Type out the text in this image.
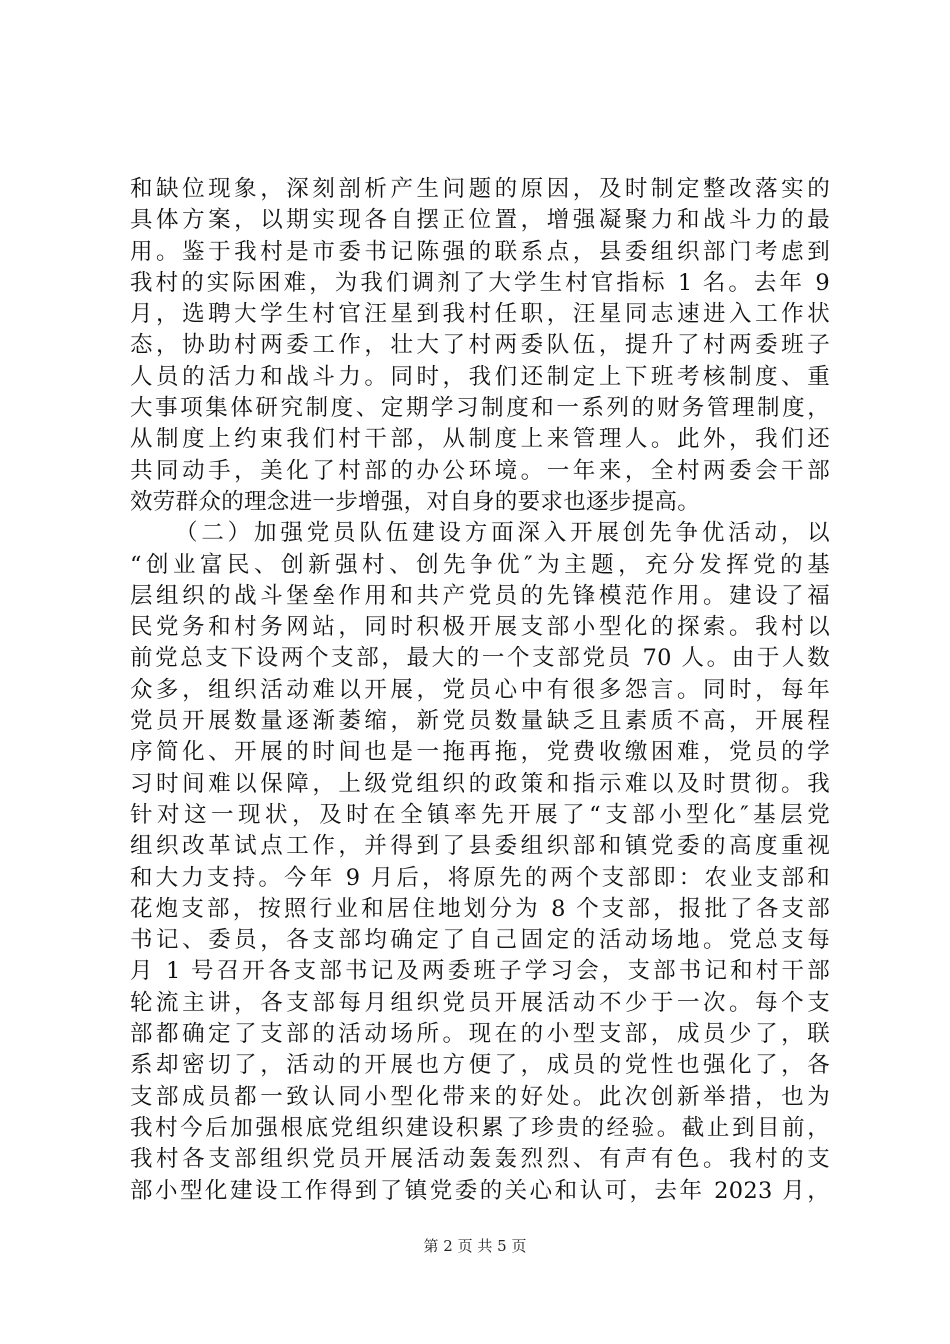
和缺位现象，深刻剖析产生问题的原因，及时制定整改落实的
具体方案，以期实现各自摆正位置，增强凝聚力和战斗力的最
用。鉴于我村是市委书记陈强的联系点，县委组织部门考虑到
我村的实际困难，为我们调剂了大学生村官指标 1 名。去年 9
月，选聘大学生村官汪星到我村任职，汪星同志速进入工作状
态，协助村两委工作，壮大了村两委队伍，提升了村两委班子
人员的活力和战斗力。同时，我们还制定上下班考核制度、重
大事项集体研究制度、定期学习制度和一系列的财务管理制度，
从制度上约束我们村干部，从制度上来管理人。此外，我们还
共同动手，美化了村部的办公环境。一年来，全村两委会干部
效劳群众的理念进一步增强，对自身的要求也逐步提高。
（二）加强党员队伍建设方面深入开展创先争优活动，以
“创业富民、创新强村、创先争优″为主题，充分发挥党的基
层组织的战斗堡垒作用和共产党员的先锋模范作用。建设了福
民党务和村务网站，同时积极开展支部小型化的探索。我村以
前党总支下设两个支部，最大的一个支部党员 70 人。由于人数
众多，组织活动难以开展，党员心中有很多怨言。同时，每年
党员开展数量逐渐萎缩，新党员数量缺乏且素质不高，开展程
序简化、开展的时间也是一拖再拖，党费收缴困难，党员的学
习时间难以保障，上级党组织的政策和指示难以及时贯彻。我
针对这一现状，及时在全镇率先开展了“支部小型化″基层党
组织改革试点工作，并得到了县委组织部和镇党委的高度重视
和大力支持。今年 9 月后，将原先的两个支部即：农业支部和
花炮支部，按照行业和居住地划分为 8 个支部，报批了各支部
书记、委员，各支部均确定了自己固定的活动场地。党总支每
月 1 号召开各支部书记及两委班子学习会，支部书记和村干部
轮流主讲，各支部每月组织党员开展活动不少于一次。每个支
部都确定了支部的活动场所。现在的小型支部，成员少了，联
系却密切了，活动的开展也方便了，成员的党性也强化了，各
支部成员都一致认同小型化带来的好处。此次创新举措，也为
我村今后加强根底党组织建设积累了珍贵的经验。截止到目前，
我村各支部组织党员开展活动轰轰烈烈、有声有色。我村的支
部小型化建设工作得到了镇党委的关心和认可，去年 2023 月，
第 2 页 共 5 页
